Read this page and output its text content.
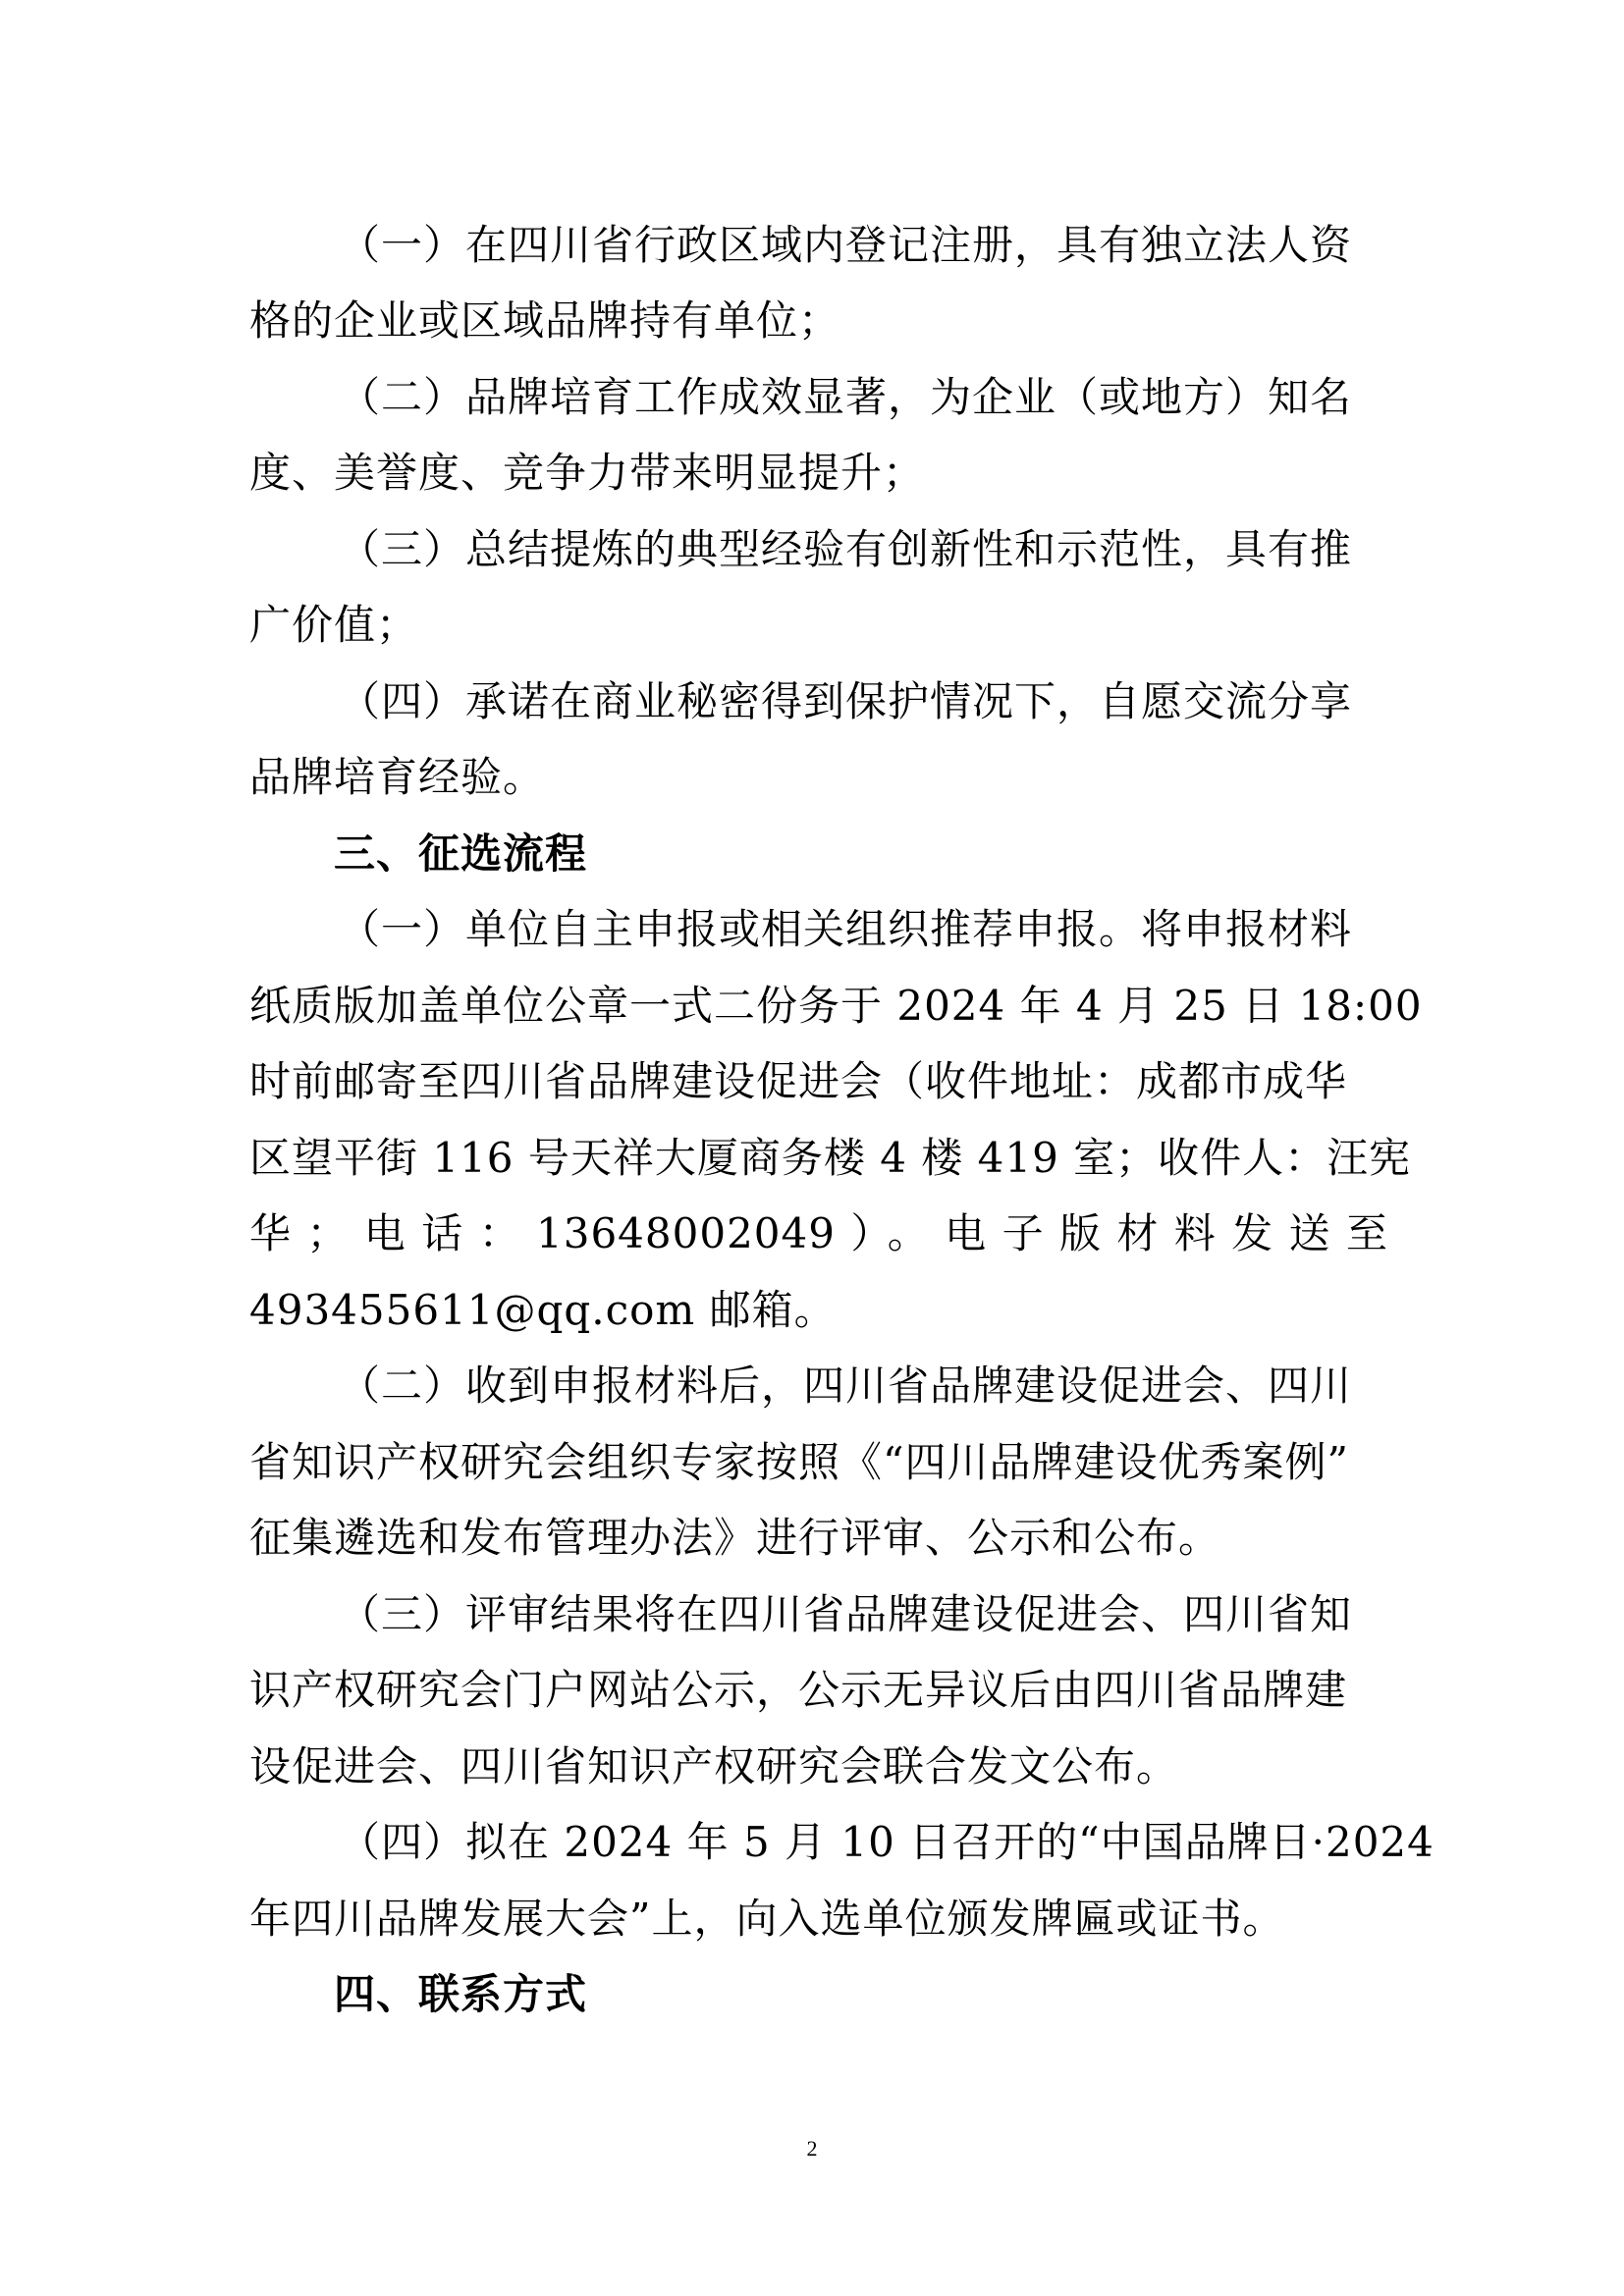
（一）在四川省行政区域内登记注册，具有独立法人资
格的企业或区域品牌持有单位；
（二）品牌培育工作成效显著，为企业（或地方）知名
度、美誉度、竞争力带来明显提升；
（三）总结提炼的典型经验有创新性和示范性，具有推
广价值；
（四）承诺在商业秘密得到保护情况下，自愿交流分享
品牌培育经验。
三、征选流程
（一）单位自主申报或相关组织推荐申报。将申报材料
纸质版加盖单位公章一式二份务于 2024 年 4 月 25 日 18:00
时前邮寄至四川省品牌建设促进会（收件地址：成都市成华
区望平街 116 号天祥大厦商务楼 4 楼 419 室；收件人：汪宪
华；电话：13648002049）。电子版材料发送至
493455611@qq.com 邮箱。
（二）收到申报材料后，四川省品牌建设促进会、四川
省知识产权研究会组织专家按照《“四川品牌建设优秀案例”
征集遴选和发布管理办法》进行评审、公示和公布。
（三）评审结果将在四川省品牌建设促进会、四川省知
识产权研究会门户网站公示，公示无异议后由四川省品牌建
设促进会、四川省知识产权研究会联合发文公布。
（四）拟在 2024 年 5 月 10 日召开的“中国品牌日·2024
年四川品牌发展大会”上，向入选单位颁发牌匾或证书。
四、联系方式
2
